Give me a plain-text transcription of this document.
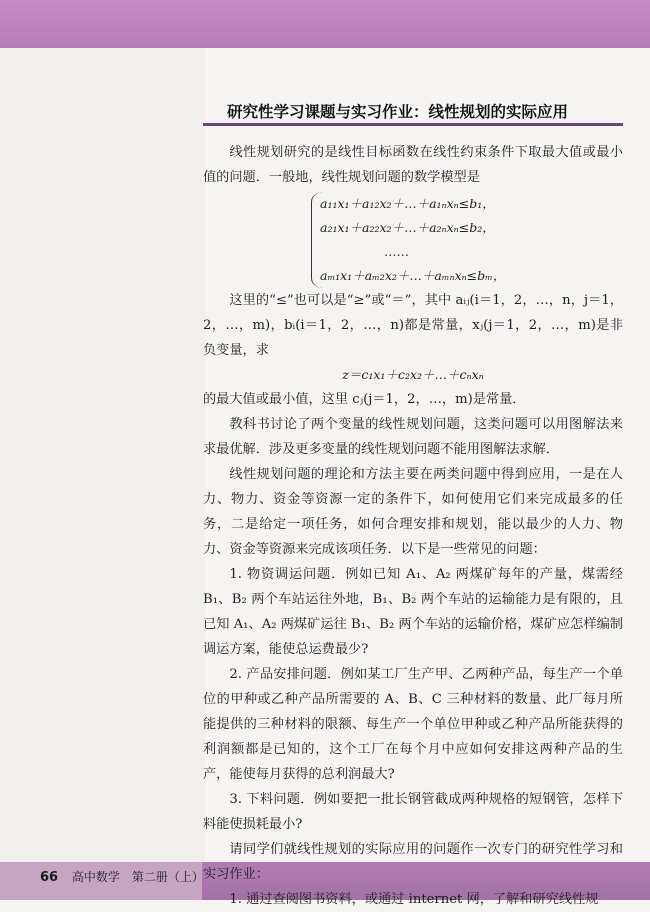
研究性学习课题与实习作业：线性规划的实际应用

线性规划研究的是线性目标函数在线性约束条件下取最大值或最小值的问题．一般地，线性规划问题的数学模型是

a₁₁x₁＋a₁₂x₂＋…＋a₁ₙxₙ≤b₁，
a₂₁x₁＋a₂₂x₂＋…＋a₂ₙxₙ≤b₂，
……
aₘ₁x₁＋aₘ₂x₂＋…＋aₘₙxₙ≤bₘ，

这里的“≤”也可以是“≥”或“＝”，其中 aᵢⱼ(i＝1，2，…，n，j＝1，2，…，m)，bᵢ(i＝1，2，…，n)都是常量，xⱼ(j＝1，2，…，m)是非负变量，求

z＝c₁x₁＋c₂x₂＋…＋cₙxₙ

的最大值或最小值，这里 cⱼ(j＝1，2，…，m)是常量．

教科书讨论了两个变量的线性规划问题，这类问题可以用图解法来求最优解．涉及更多变量的线性规划问题不能用图解法求解．

线性规划问题的理论和方法主要在两类问题中得到应用，一是在人力、物力、资金等资源一定的条件下，如何使用它们来完成最多的任务，二是给定一项任务，如何合理安排和规划，能以最少的人力、物力、资金等资源来完成该项任务．以下是一些常见的问题：

1. 物资调运问题．例如已知 A₁、A₂ 两煤矿每年的产量，煤需经 B₁、B₂ 两个车站运往外地，B₁、B₂ 两个车站的运输能力是有限的，且已知 A₁、A₂ 两煤矿运往 B₁、B₂ 两个车站的运输价格，煤矿应怎样编制调运方案，能使总运费最少?

2. 产品安排问题．例如某工厂生产甲、乙两种产品，每生产一个单位的甲种或乙种产品所需要的 A、B、C 三种材料的数量、此厂每月所能提供的三种材料的限额、每生产一个单位甲种或乙种产品所能获得的利润额都是已知的，这个工厂在每个月中应如何安排这两种产品的生产，能使每月获得的总利润最大?

3. 下料问题．例如要把一批长钢管截成两种规格的短钢管，怎样下料能使损耗最小?

请同学们就线性规划的实际应用的问题作一次专门的研究性学习和实习作业：

1. 通过查阅图书资料，或通过 internet 网，了解和研究线性规

66 高中数学　第二册（上）
